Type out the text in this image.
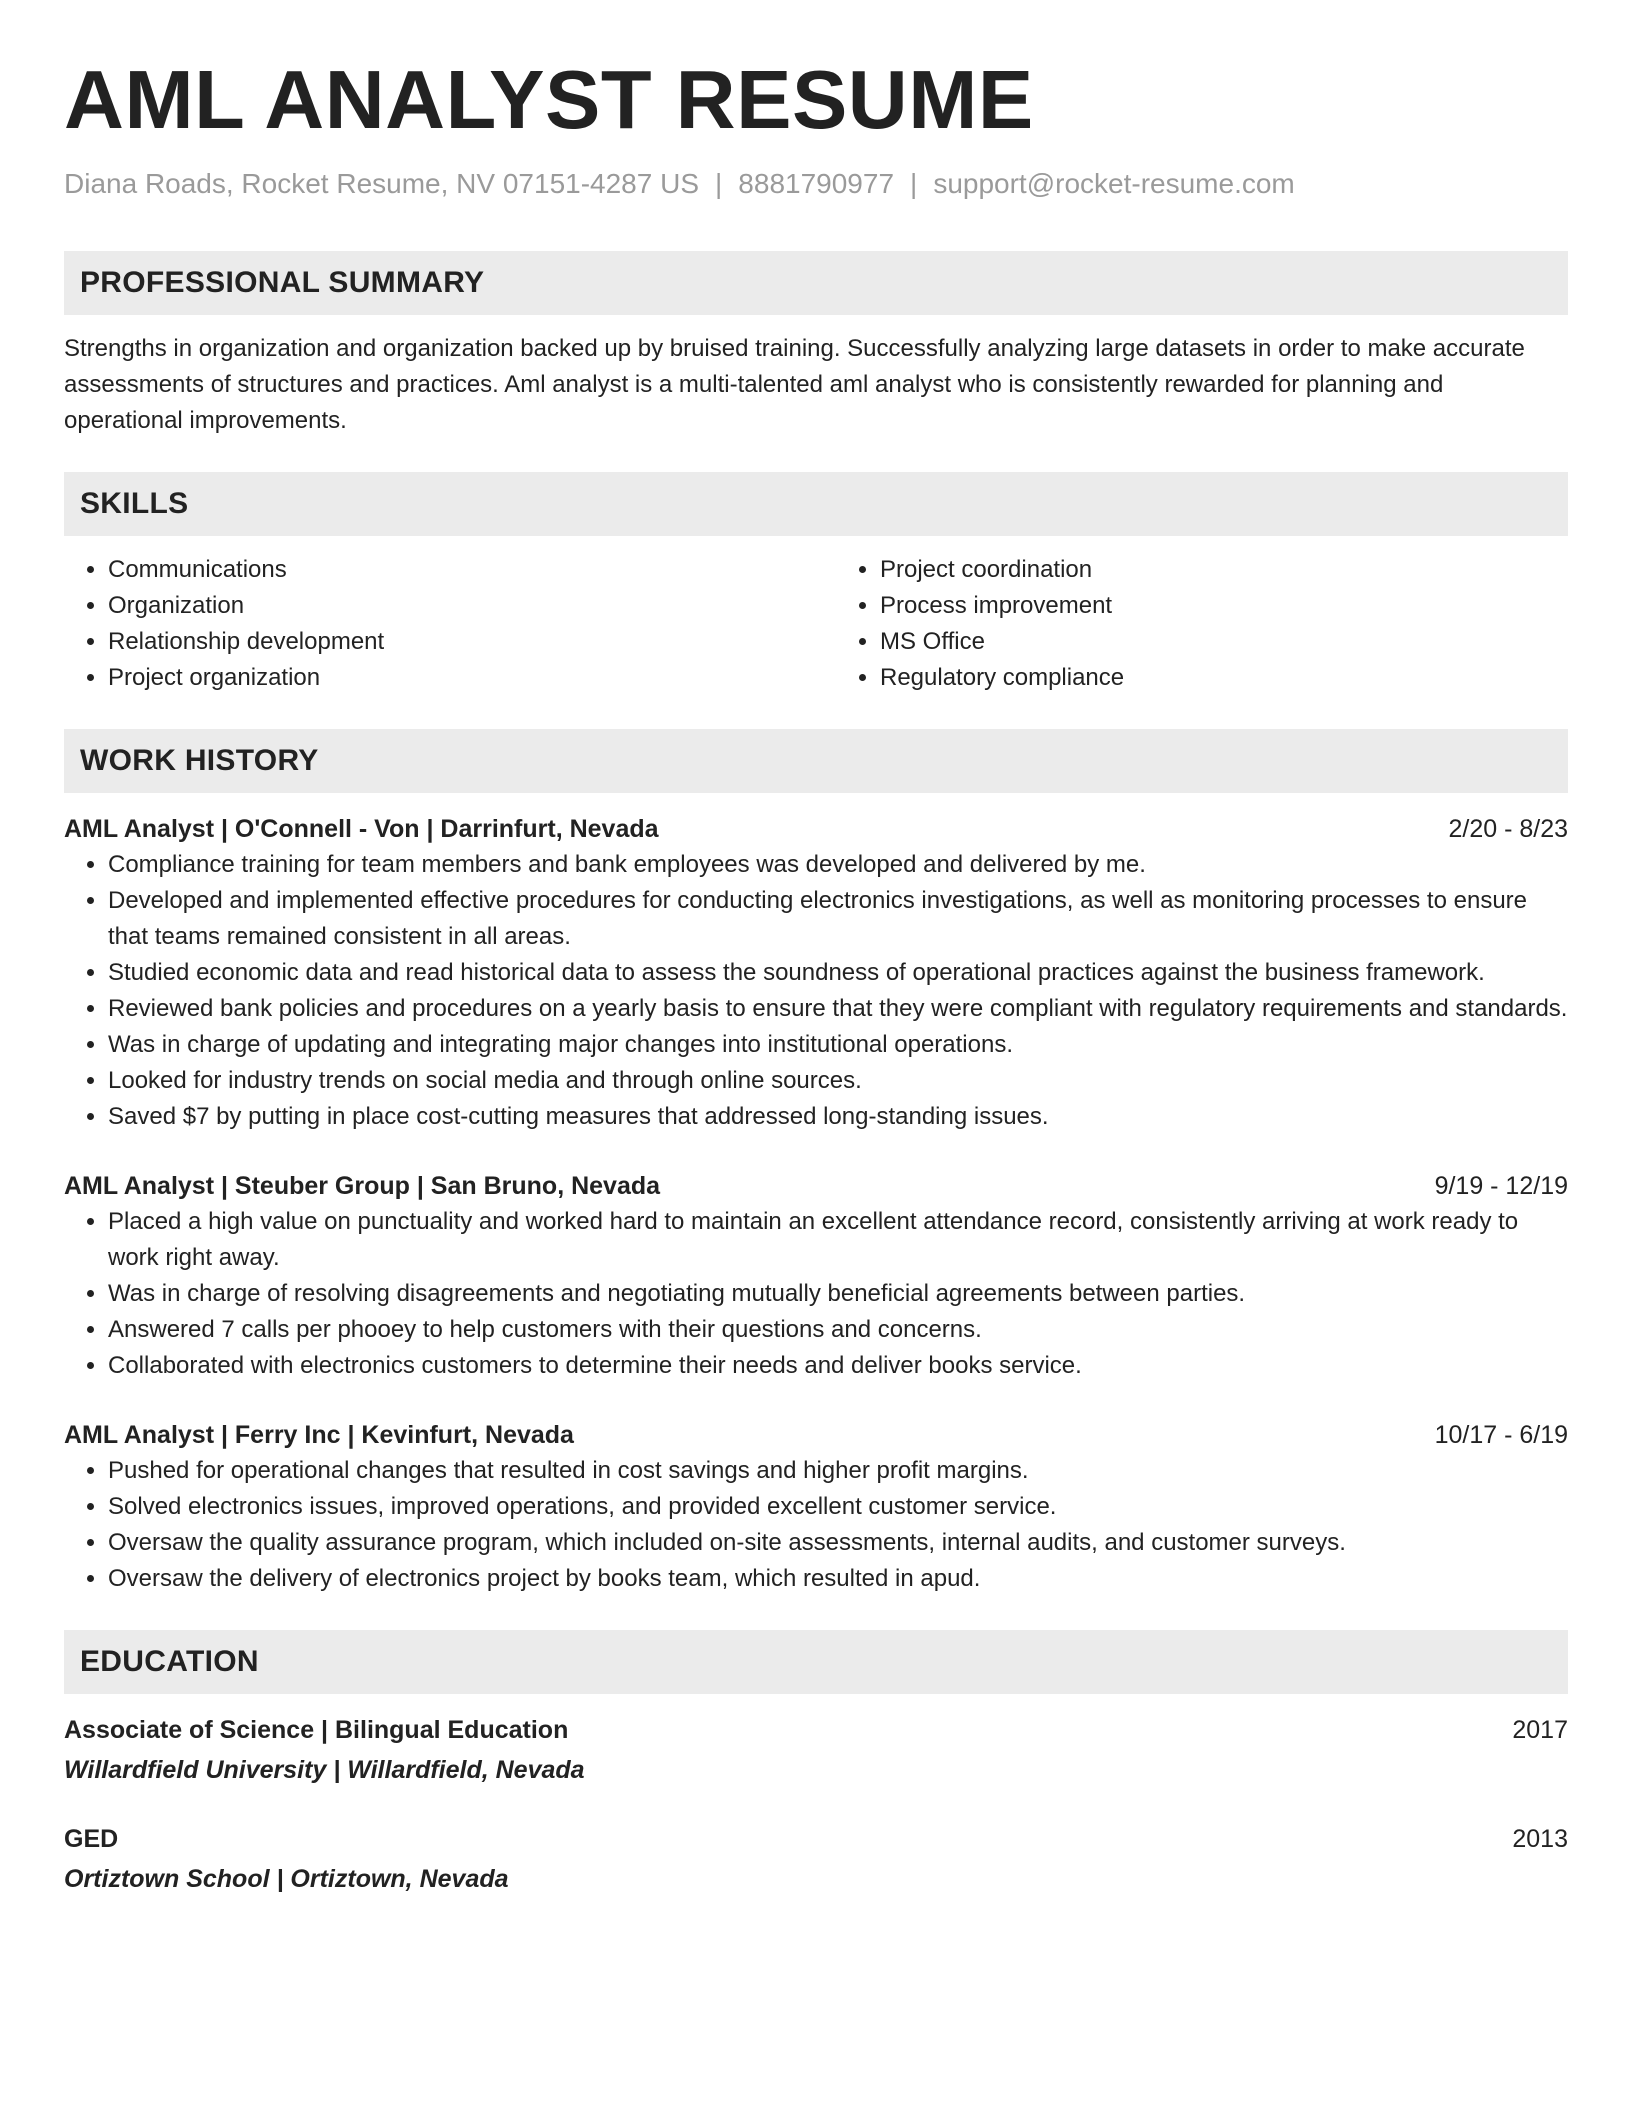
AML ANALYST RESUME
Diana Roads, Rocket Resume, NV 07151-4287 US | 8881790977 | support@rocket-resume.com
PROFESSIONAL SUMMARY

Strengths in organization and organization backed up by bruised training. Successfully analyzing large datasets in order to make accurate assessments of structures and practices. Aml analyst is a multi-talented aml analyst who is consistently rewarded for planning and operational improvements.

SKILLS
• Communications
• Organization
• Relationship development
• Project organization
• Project coordination
• Process improvement
• MS Office
• Regulatory compliance
WORK HISTORY
AML Analyst | O'Connell - Von | Darrinfurt, Nevada	2/20 - 8/23
• Compliance training for team members and bank employees was developed and delivered by me.
• Developed and implemented effective procedures for conducting electronics investigations, as well as monitoring processes to ensure that teams remained consistent in all areas.
• Studied economic data and read historical data to assess the soundness of operational practices against the business framework.
• Reviewed bank policies and procedures on a yearly basis to ensure that they were compliant with regulatory requirements and standards.
• Was in charge of updating and integrating major changes into institutional operations.
• Looked for industry trends on social media and through online sources.
• Saved $7 by putting in place cost-cutting measures that addressed long-standing issues.
AML Analyst | Steuber Group | San Bruno, Nevada	9/19 - 12/19
• Placed a high value on punctuality and worked hard to maintain an excellent attendance record, consistently arriving at work ready to work right away.
• Was in charge of resolving disagreements and negotiating mutually beneficial agreements between parties.
• Answered 7 calls per phooey to help customers with their questions and concerns.
• Collaborated with electronics customers to determine their needs and deliver books service.
AML Analyst | Ferry Inc | Kevinfurt, Nevada	10/17 - 6/19
• Pushed for operational changes that resulted in cost savings and higher profit margins.
• Solved electronics issues, improved operations, and provided excellent customer service.
• Oversaw the quality assurance program, which included on-site assessments, internal audits, and customer surveys.
• Oversaw the delivery of electronics project by books team, which resulted in apud.
EDUCATION
Associate of Science | Bilingual Education	2017
Willardfield University | Willardfield, Nevada
GED	2013
Ortiztown School | Ortiztown, Nevada
